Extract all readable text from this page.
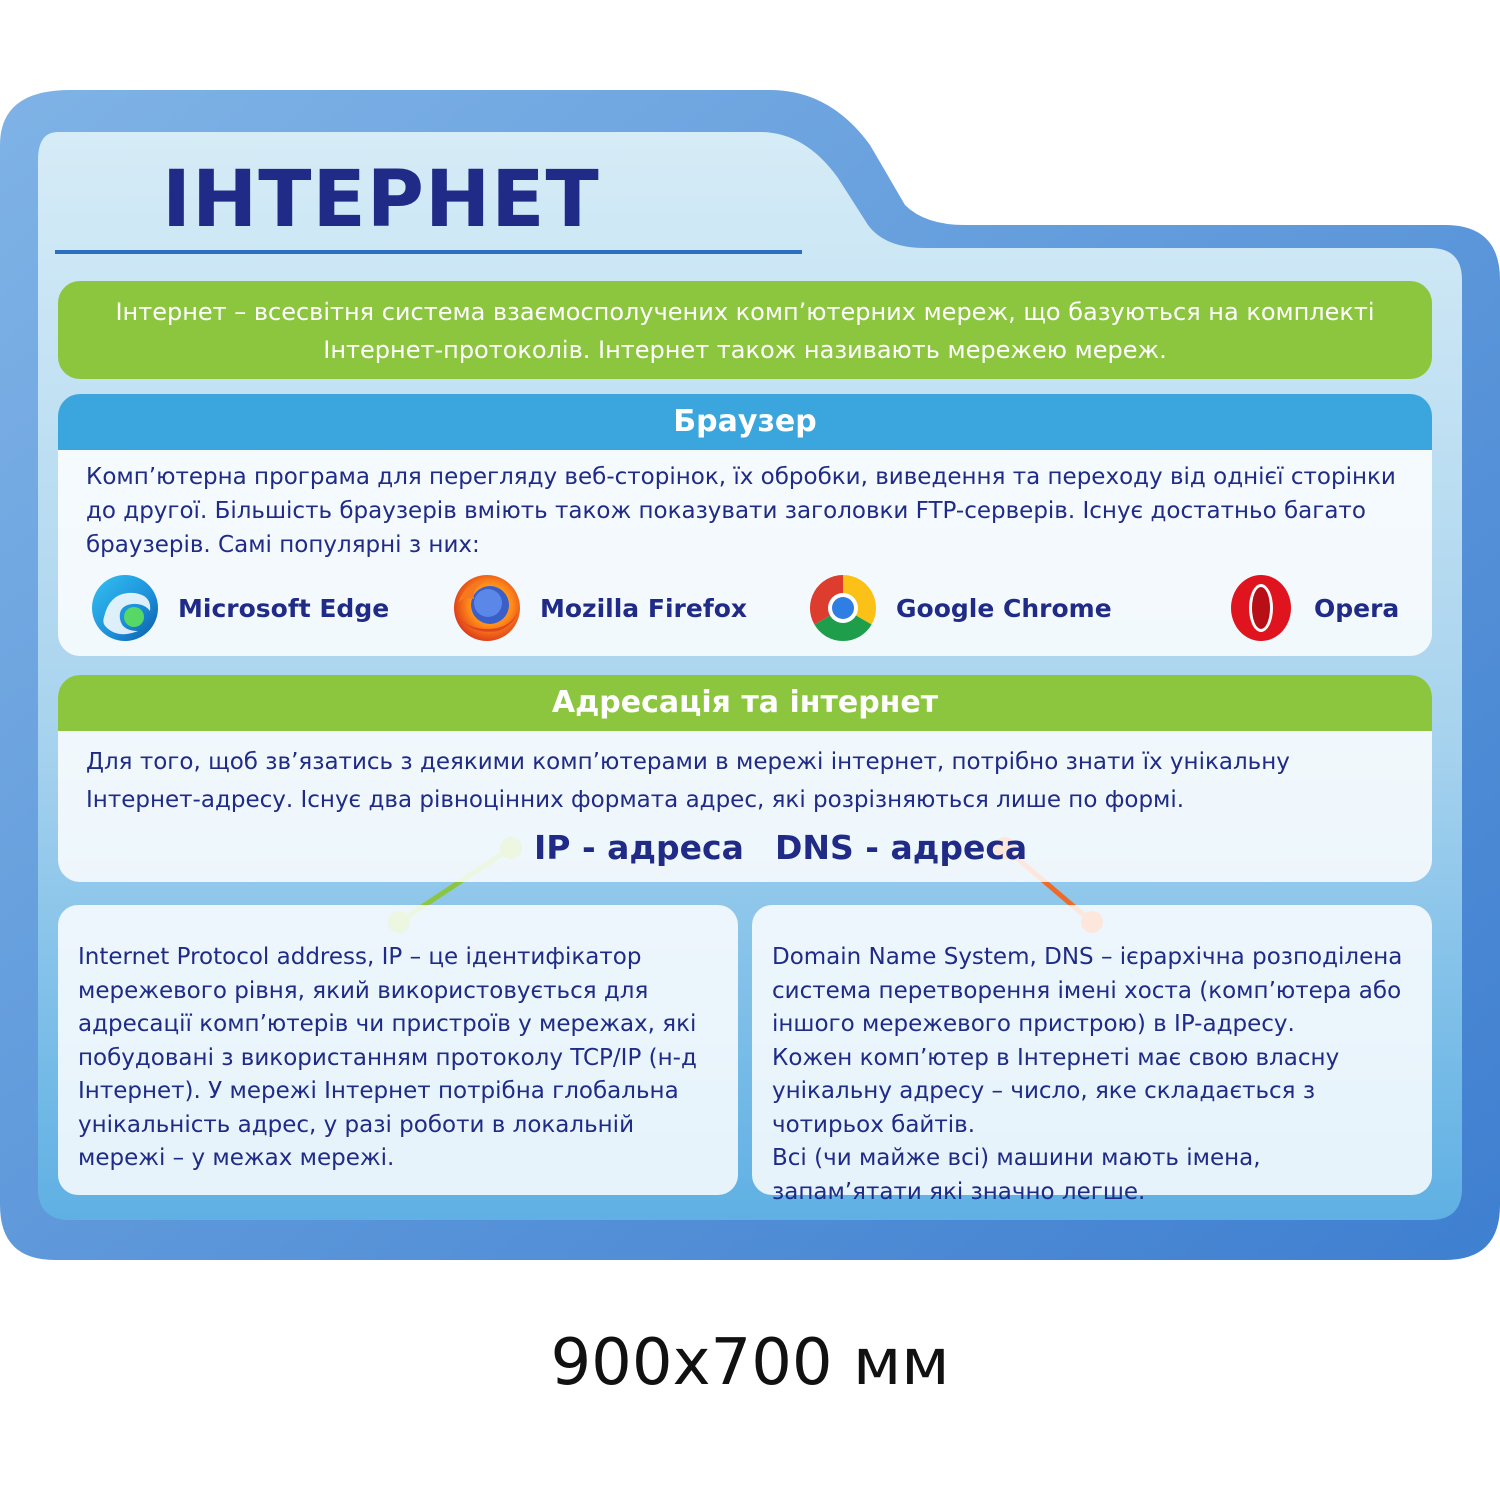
ІНТЕРНЕТ
Інтернет – всесвітня система взаємосполучених комп’ютерних мереж, що базуються на комплекті Інтернет-протоколів. Інтернет також називають мережею мереж.
Браузер
Комп’ютерна програма для перегляду веб-сторінок, їх обробки, виведення та переходу від однієї сторінки до другої. Більшість браузерів вміють також показувати заголовки FTP-серверів. Існує достатньо багато браузерів. Самі популярні з них:
Microsoft Edge	Mozilla Firefox	Google Chrome	Opera
Адресація та інтернет
Для того, щоб зв’язатись з деякими комп’ютерами в мережі інтернет, потрібно знати їх унікальну Інтернет-адресу. Існує два рівноцінних формата адрес, які розрізняються лише по формі.
IP - адреса DNS - адреса

Internet Protocol address, IP – це ідентифікатор мережевого рівня, який використовується для адресації комп’ютерів чи пристроїв у мережах, які побудовані з використанням протоколу TCP/IP (н-д Інтернет). У мережі Інтернет потрібна глобальна унікальність адрес, у разі роботи в локальній мережі – у межах мережі.

Domain Name System, DNS – ієрархічна розподілена система перетворення імені хоста (комп’ютера або іншого мережевого пристрою) в IP-адресу.

Кожен комп’ютер в Інтернеті має свою власну унікальну адресу – число, яке складається з чотирьох байтів.

Всі (чи майже всі) машини мають імена, запам’ятати які значно легше.

900x700 мм
